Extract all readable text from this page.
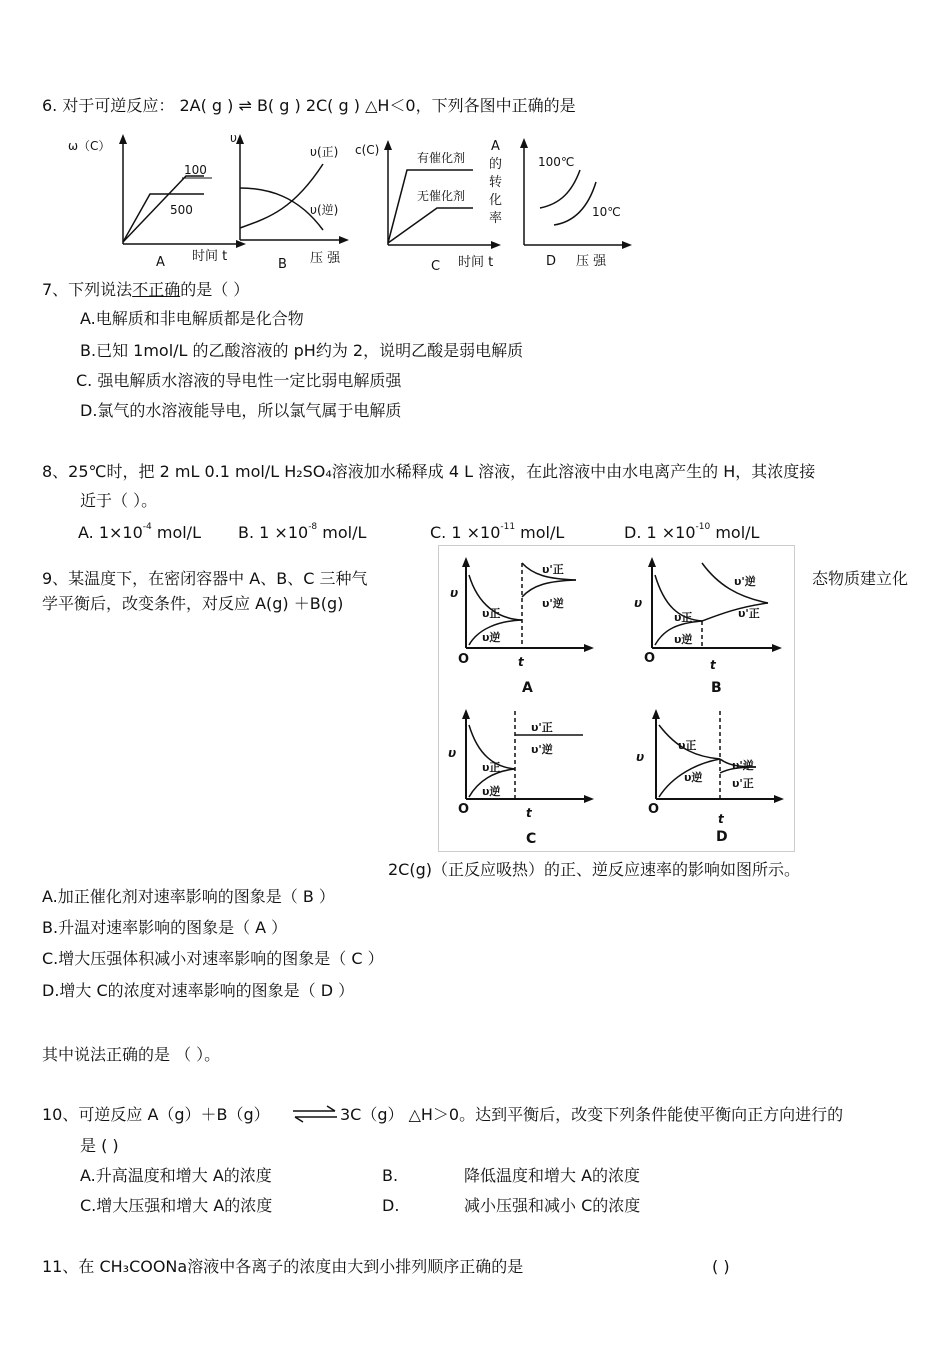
6. 对于可逆反应： 2A( g ) ⇌ B( g ) 2C( g ) △H＜0，下列各图中正确的是
ω（C）
100
500
时间 t
A
υ
υ(正)
υ(逆)
压 强
B
c(C)
有催化剂
无催化剂
时间 t
C
A
的
转
化
率
100℃
10℃
压 强
D
7、下列说法不正确的是（ ）
A.电解质和非电解质都是化合物
B.已知 1mol/L 的乙酸溶液的 pH约为 2，说明乙酸是弱电解质
C. 强电解质水溶液的导电性一定比弱电解质强
D.氯气的水溶液能导电，所以氯气属于电解质
8、25℃时，把 2 mL 0.1 mol/L H₂SO₄溶液加水稀释成 4 L 溶液，在此溶液中由水电离产生的 H，其浓度接
近于（ ）。
A. $1\times 10^{-4}$ mol/L B. $1 \times 10^{-8}$ mol/L	C. $1 \times 10^{-11}$ mol/L	D. $1 \times 10^{-10}$ mol/L
9、某温度下，在密闭容器中 A、B、C 三种气	态物质建立化
学平衡后，改变条件，对反应 A(g) ＋B(g)
υ
O	t
A
υ正
υ逆
υ'正
υ'逆	υ
O	t
B
υ正
υ逆
υ'逆
υ'正
υ
O	t
C
υ正
υ逆
υ'正
υ'逆
υ
O
t
D
υ正
υ逆
υ'逆
υ'正
2C(g)（正反应吸热）的正、逆反应速率的影响如图所示。
A.加正催化剂对速率影响的图象是（ B ）
B.升温对速率影响的图象是（ A ）
C.增大压强体积减小对速率影响的图象是（ C ）
D.增大 C的浓度对速率影响的图象是（ D ）
其中说法正确的是 （ ）。
10、可逆反应 A（g）＋B（g） ⇌ 3C（g） △H＞0。达到平衡后，改变下列条件能使平衡向正方向进行的
是 ( )
A.升高温度和增大 A的浓度	B.	降低温度和增大 A的浓度
C.增大压强和增大 A的浓度	D.	减小压强和减小 C的浓度
11、在 CH₃COONa溶液中各离子的浓度由大到小排列顺序正确的是	( )
